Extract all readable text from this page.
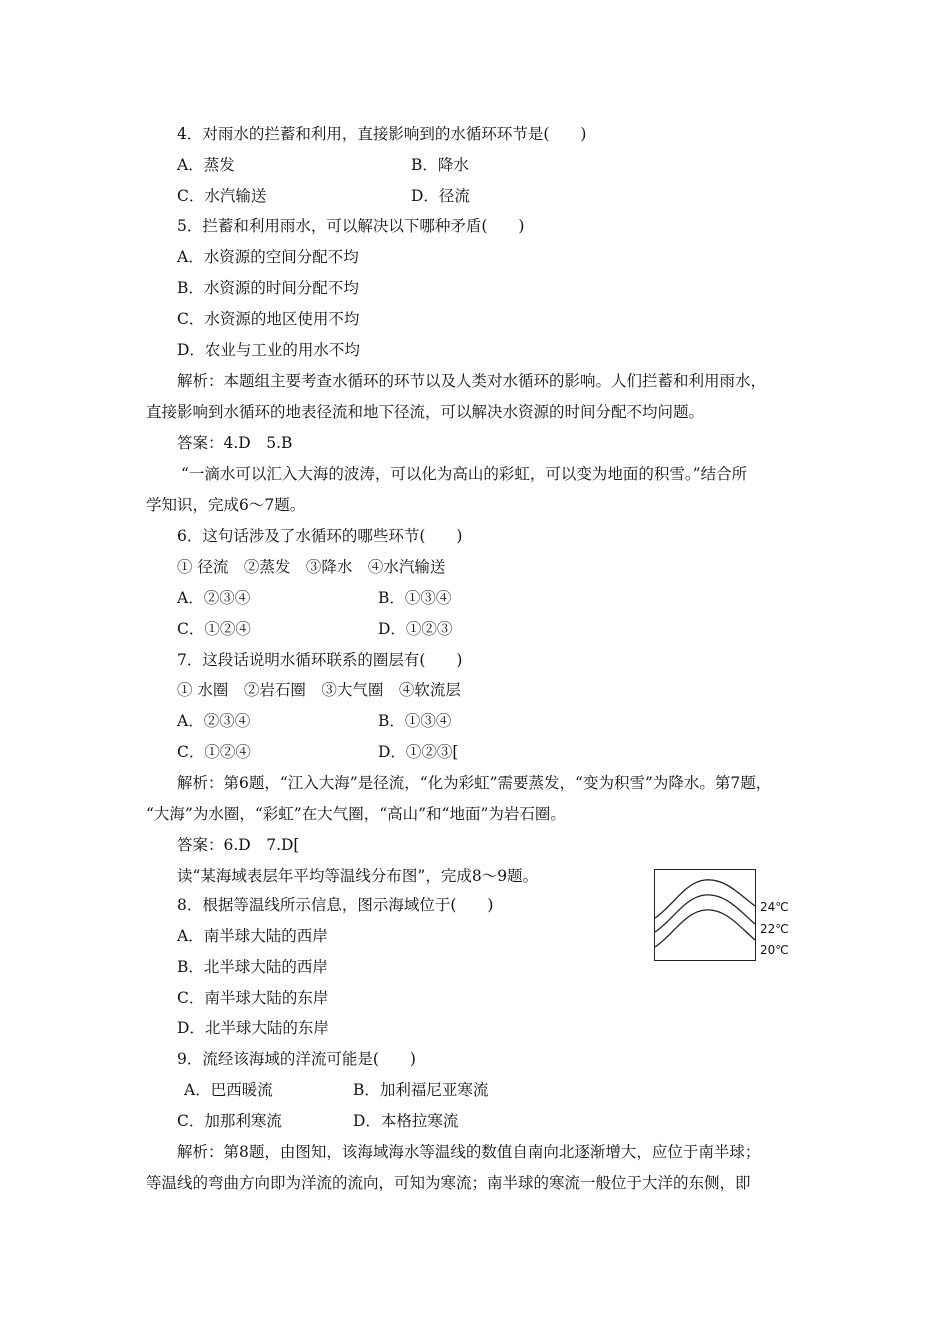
4．对雨水的拦蓄和利用，直接影响到的水循环环节是(　　)
A．蒸发	B．降水
C．水汽输送	D．径流
5．拦蓄和利用雨水，可以解决以下哪种矛盾(　　)
A．水资源的空间分配不均
B．水资源的时间分配不均
C．水资源的地区使用不均
D．农业与工业的用水不均
解析：本题组主要考查水循环的环节以及人类对水循环的影响。人们拦蓄和利用雨水，
直接影响到水循环的地表径流和地下径流，可以解决水资源的时间分配不均问题。
答案：4.D　5.B
“一滴水可以汇入大海的波涛，可以化为高山的彩虹，可以变为地面的积雪。”结合所
学知识，完成6～7题。
6．这句话涉及了水循环的哪些环节(　　)
① 径流　②蒸发　③降水　④水汽输送
A．②③④	B．①③④
C．①②④	D．①②③
7．这段话说明水循环联系的圈层有(　　)
① 水圈　②岩石圈　③大气圈　④软流层
A．②③④	B．①③④
C．①②④	D．①②③[
解析：第6题，“江入大海”是径流，“化为彩虹”需要蒸发，“变为积雪”为降水。第7题，
“大海”为水圈，“彩虹”在大气圈，“高山”和“地面”为岩石圈。
答案：6.D　7.D[
读“某海域表层年平均等温线分布图”，完成8～9题。
8．根据等温线所示信息，图示海域位于(　　)
A．南半球大陆的西岸
B．北半球大陆的西岸
C．南半球大陆的东岸
D．北半球大陆的东岸
9．流经该海域的洋流可能是(　　)
A．巴西暖流	B．加利福尼亚寒流
C．加那利寒流	D．本格拉寒流
解析：第8题，由图知，该海域海水等温线的数值自南向北逐渐增大，应位于南半球；
等温线的弯曲方向即为洋流的流向，可知为寒流；南半球的寒流一般位于大洋的东侧，即
24℃
22℃
20℃
